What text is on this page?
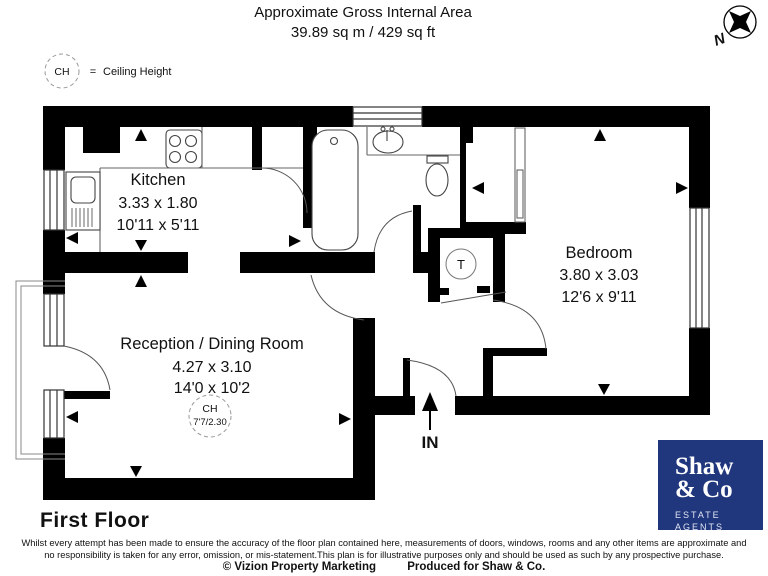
Approximate Gross Internal Area
39.89 sq m / 429 sq ft	N
CH = Ceiling Height
Kitchen
3.33 x 1.80
10'11 x 5'11
Reception / Dining Room
4.27 x 3.10
14'0 x 10'2
Bedroom
3.80 x 3.03
12'6 x 9'11
CH
7'7/2.30
T
IN
First Floor
Shaw
& Co
ESTATE
AGENTS
Whilst every attempt has been made to ensure the accuracy of the floor plan contained here, measurements of doors, windows, rooms and any other items are approximate and
no responsibility is taken for any error, omission, or mis-statement.This plan is for illustrative purposes only and should be used as such by any prospective purchase.
© Vizion Property Marketing	Produced for Shaw & Co.
